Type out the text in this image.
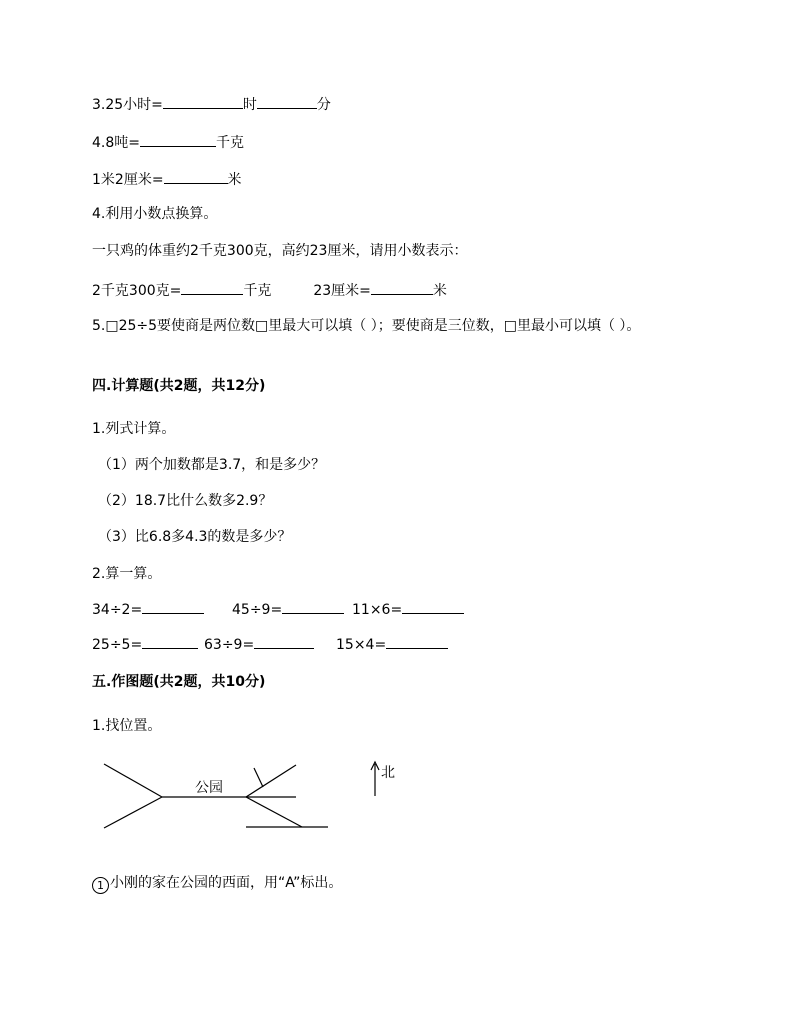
3.25小时=	时	分
4.8吨=	千克
1米2厘米=	米
4.利用小数点换算。
一只鸡的体重约2千克300克，高约23厘米，请用小数表示：
2千克300克=	千克	23厘米=	米
5.□25÷5要使商是两位数□里最大可以填（ ）；要使商是三位数，□里最小可以填（ ）。
四.计算题(共2题，共12分)
1.列式计算。
（1）两个加数都是3.7，和是多少？
（2）18.7比什么数多2.9？
（3）比6.8多4.3的数是多少？
2.算一算。
34÷2=	45÷9=	11×6=
25÷5=	63÷9=	15×4=
五.作图题(共2题，共10分)
1.找位置。
公园
北
1 小刚的家在公园的西面，用“A”标出。
